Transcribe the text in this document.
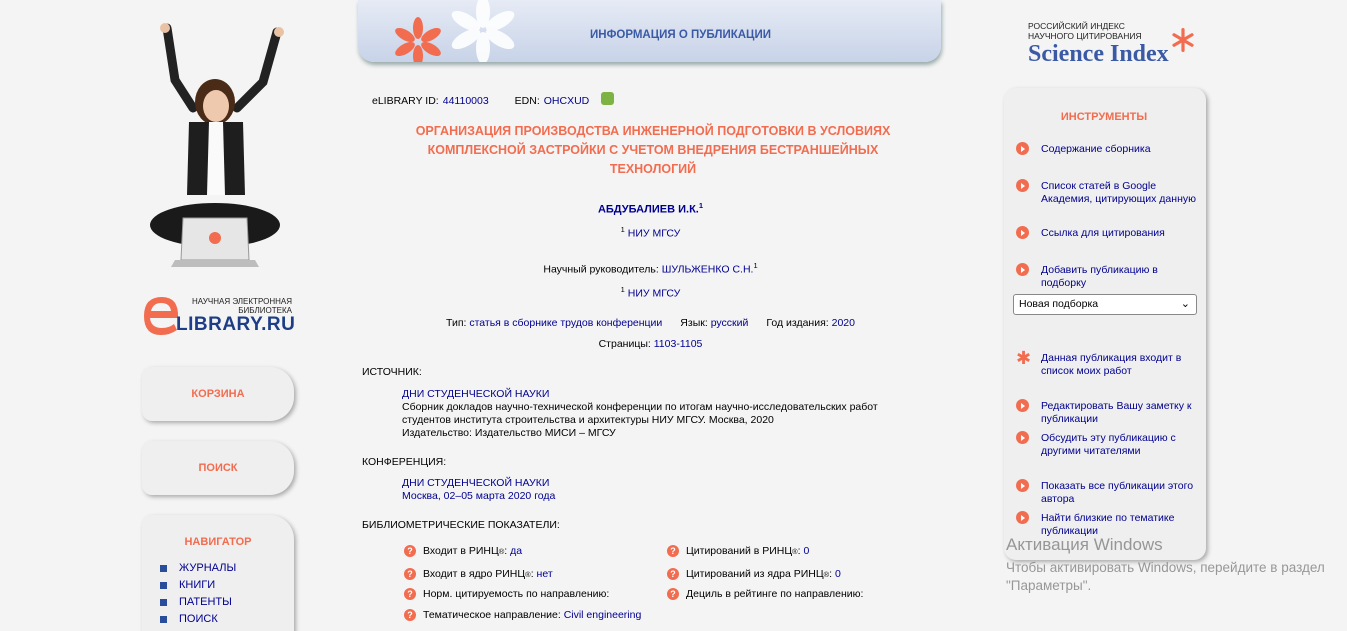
НАУЧНАЯ ЭЛЕКТРОННАЯ БИБЛИОТЕКА
LIBRARY.RU
КОРЗИНА
ПОИСК
НАВИГАТОР
ЖУРНАЛЫ
КНИГИ
ПАТЕНТЫ
ПОИСК
ИНФОРМАЦИЯ О ПУБЛИКАЦИИ
eLIBRARY ID: 44110003 EDN: OHCXUD
ОРГАНИЗАЦИЯ ПРОИЗВОДСТВА ИНЖЕНЕРНОЙ ПОДГОТОВКИ В УСЛОВИЯХ КОМПЛЕКСНОЙ ЗАСТРОЙКИ С УЧЕТОМ ВНЕДРЕНИЯ БЕСТРАНШЕЙНЫХ ТЕХНОЛОГИЙ
АБДУБАЛИЕВ И.К.$^1$
$^1$ НИУ МГСУ
Научный руководитель: ШУЛЬЖЕНКО С.Н.$^1$
$^1$ НИУ МГСУ
Тип: статья в сборнике трудов конференции Язык: русский Год издания: 2020
Страницы: 1103-1105
ИСТОЧНИК:
ДНИ СТУДЕНЧЕСКОЙ НАУКИ
Сборник докладов научно-технической конференции по итогам научно-исследовательских работ студентов института строительства и архитектуры НИУ МГСУ. Москва, 2020
Издательство: Издательство МИСИ – МГСУ
КОНФЕРЕНЦИЯ:
ДНИ СТУДЕНЧЕСКОЙ НАУКИ
Москва, 02–05 марта 2020 года
БИБЛИОМЕТРИЧЕСКИЕ ПОКАЗАТЕЛИ:
? Входит в РИНЦ ® : да
? Входит в ядро РИНЦ ® : нет
? Норм. цитируемость по направлению:
? Тематическое направление:
Civil engineering
? Цитирований в РИНЦ ® : 0
? Цитирований из ядра РИНЦ ® : 0
? Дециль в рейтинге по направлению:
РОССИЙСКИЙ ИНДЕКС
НАУЧНОГО ЦИТИРОВАНИЯ
Science Index
ИНСТРУМЕНТЫ
Содержание сборника
Список статей в Google Академия, цитирующих данную
Ссылка для цитирования
Добавить публикацию в подборку
Новая подборка	⌄
✱ Данная публикация входит в список моих работ
Редактировать Вашу заметку к публикации
Обсудить эту публикацию с другими читателями
Показать все публикации этого автора
Найти близкие по тематике публикации
Активация Windows
Чтобы активировать Windows, перейдите в раздел "Параметры".
